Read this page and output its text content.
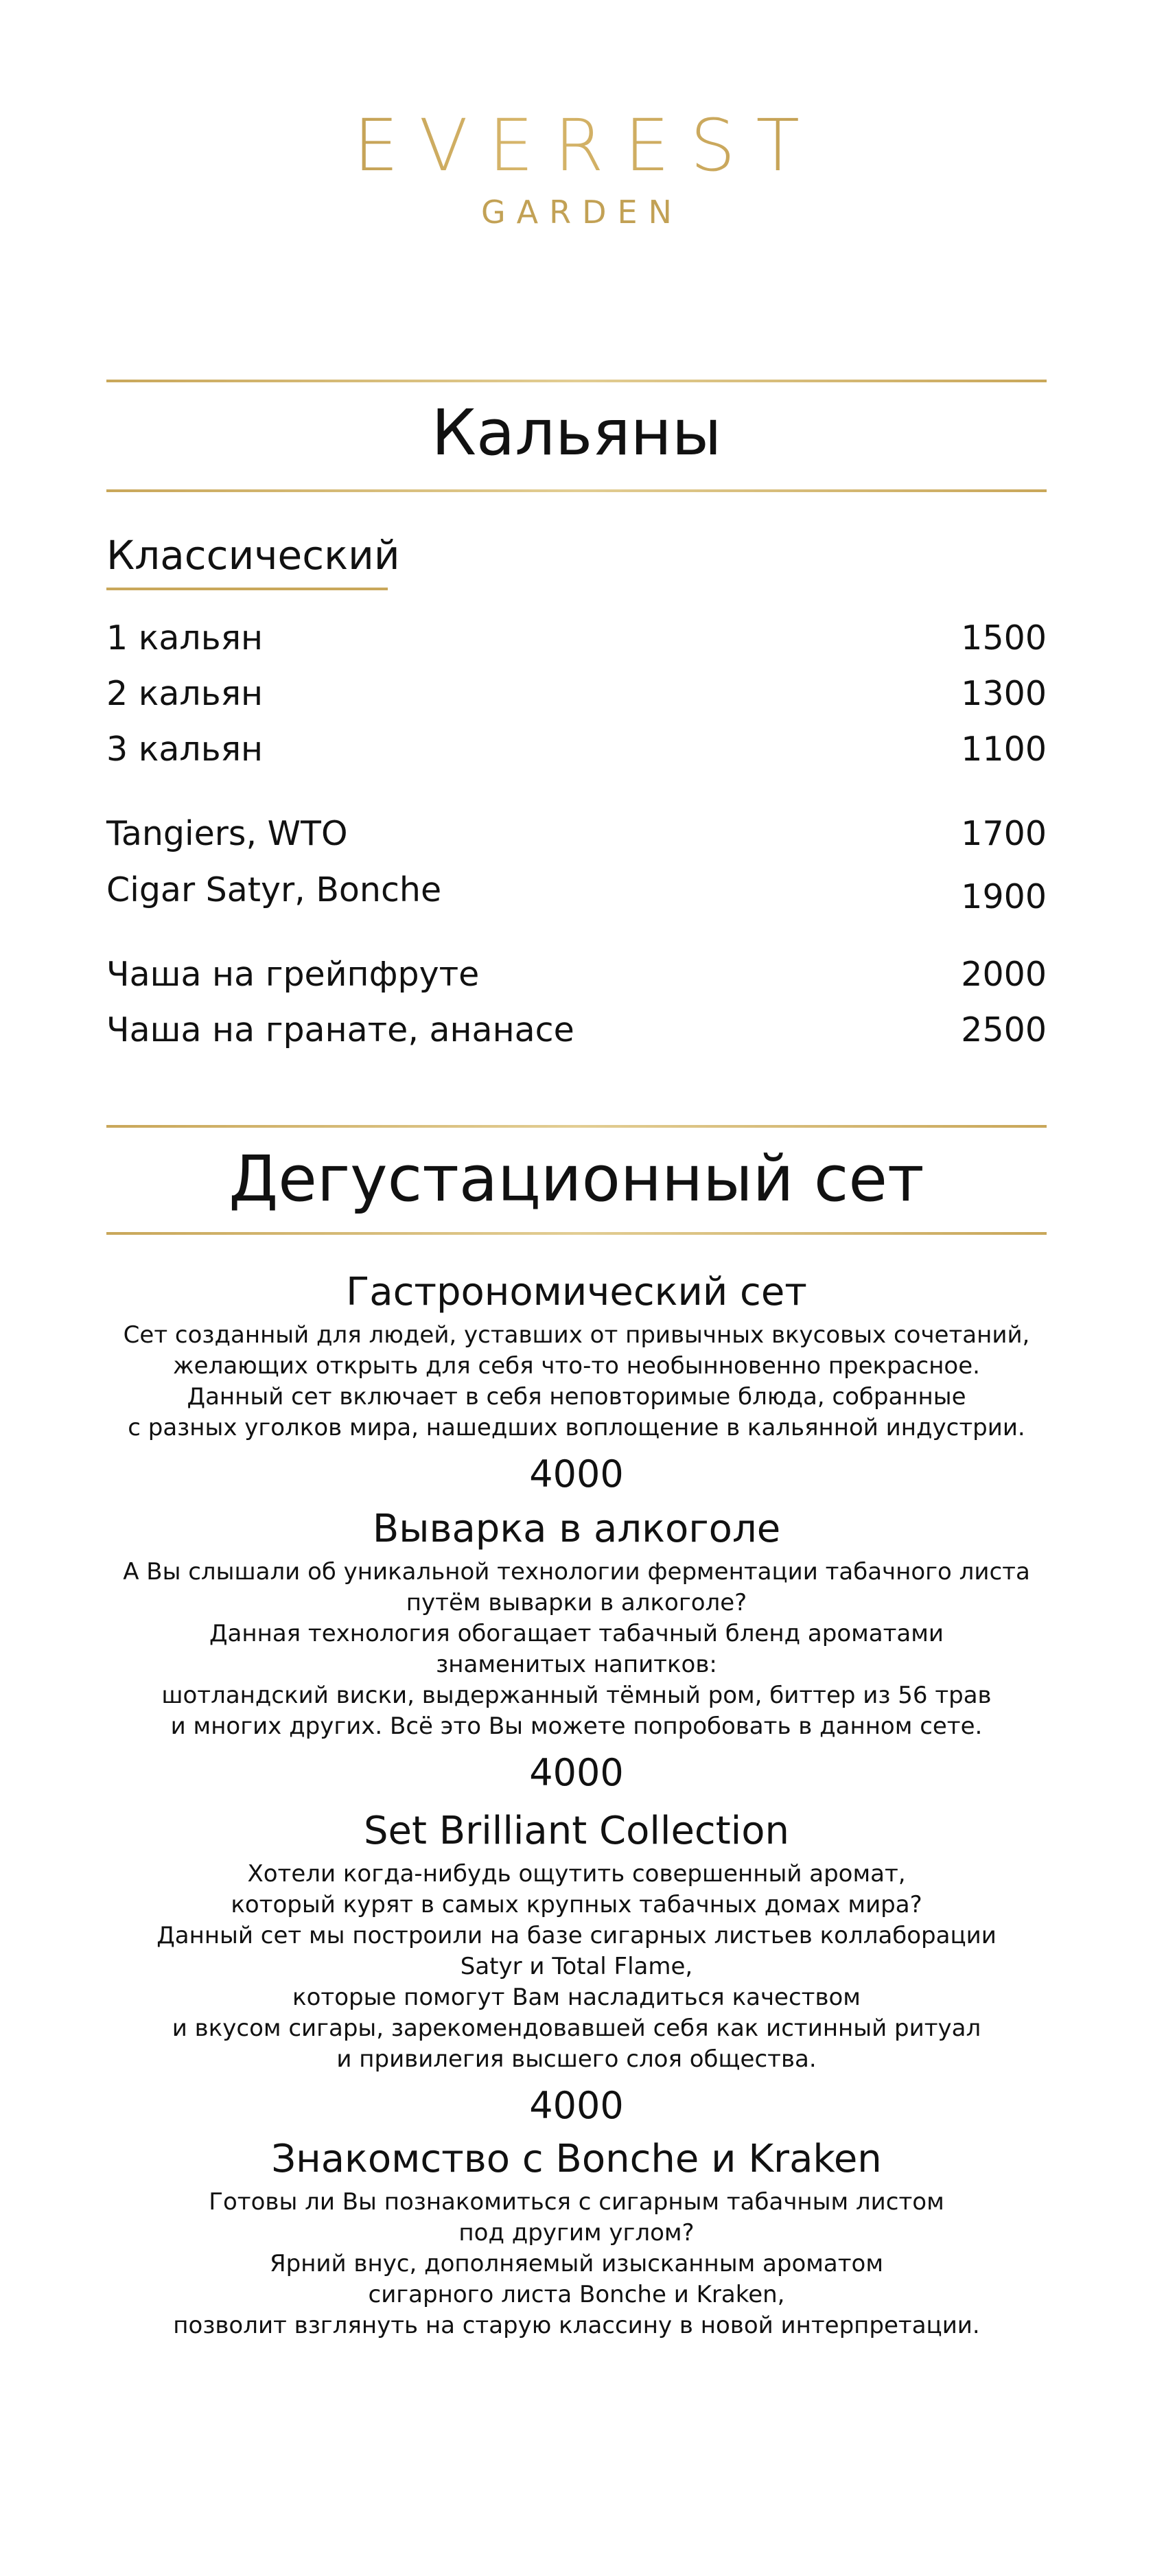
EVEREST
GARDEN
Кальяны
Классический
1 кальян	1500
2 кальян	1300
3 кальян	1100
Tangiers, WTO	1700
Cigar Satyr, Bonche	1900
Чаша на грейпфруте	2000
Чаша на гранате, ананасе	2500
Дегустационный сет
Гастрономический сет
Сет созданный для людей, уставших от привычных вкусовых сочетаний,
желающих открыть для себя что-то необынновенно прекрасное.
Данный сет включает в себя неповторимые блюда, собранные
с разных уголков мира, нашедших воплощение в кальянной индустрии.
4000
Выварка в алкоголе
А Вы слышали об уникальной технологии ферментации табачного листа
путём выварки в алкоголе?
Данная технология обогащает табачный бленд ароматами
знаменитых напитков:
шотландский виски, выдержанный тёмный ром, биттер из 56 трав
и многих других. Всё это Вы можете попробовать в данном сете.
4000
Set Brilliant Collection
Хотели когда-нибудь ощутить совершенный аромат,
который курят в самых крупных табачных домах мира?
Данный сет мы построили на базе сигарных листьев коллаборации
Satyr и Total Flame,
которые помогут Вам насладиться качеством
и вкусом сигары, зарекомендовавшей себя как истинный ритуал
и привилегия высшего слоя общества.
4000
Знакомство с Bonche и Kraken
Готовы ли Вы познакомиться с сигарным табачным листом
под другим углом?
Ярний внус, дополняемый изысканным ароматом
сигарного листа Bonche и Kraken,
позволит взглянуть на старую классину в новой интерпретации.
